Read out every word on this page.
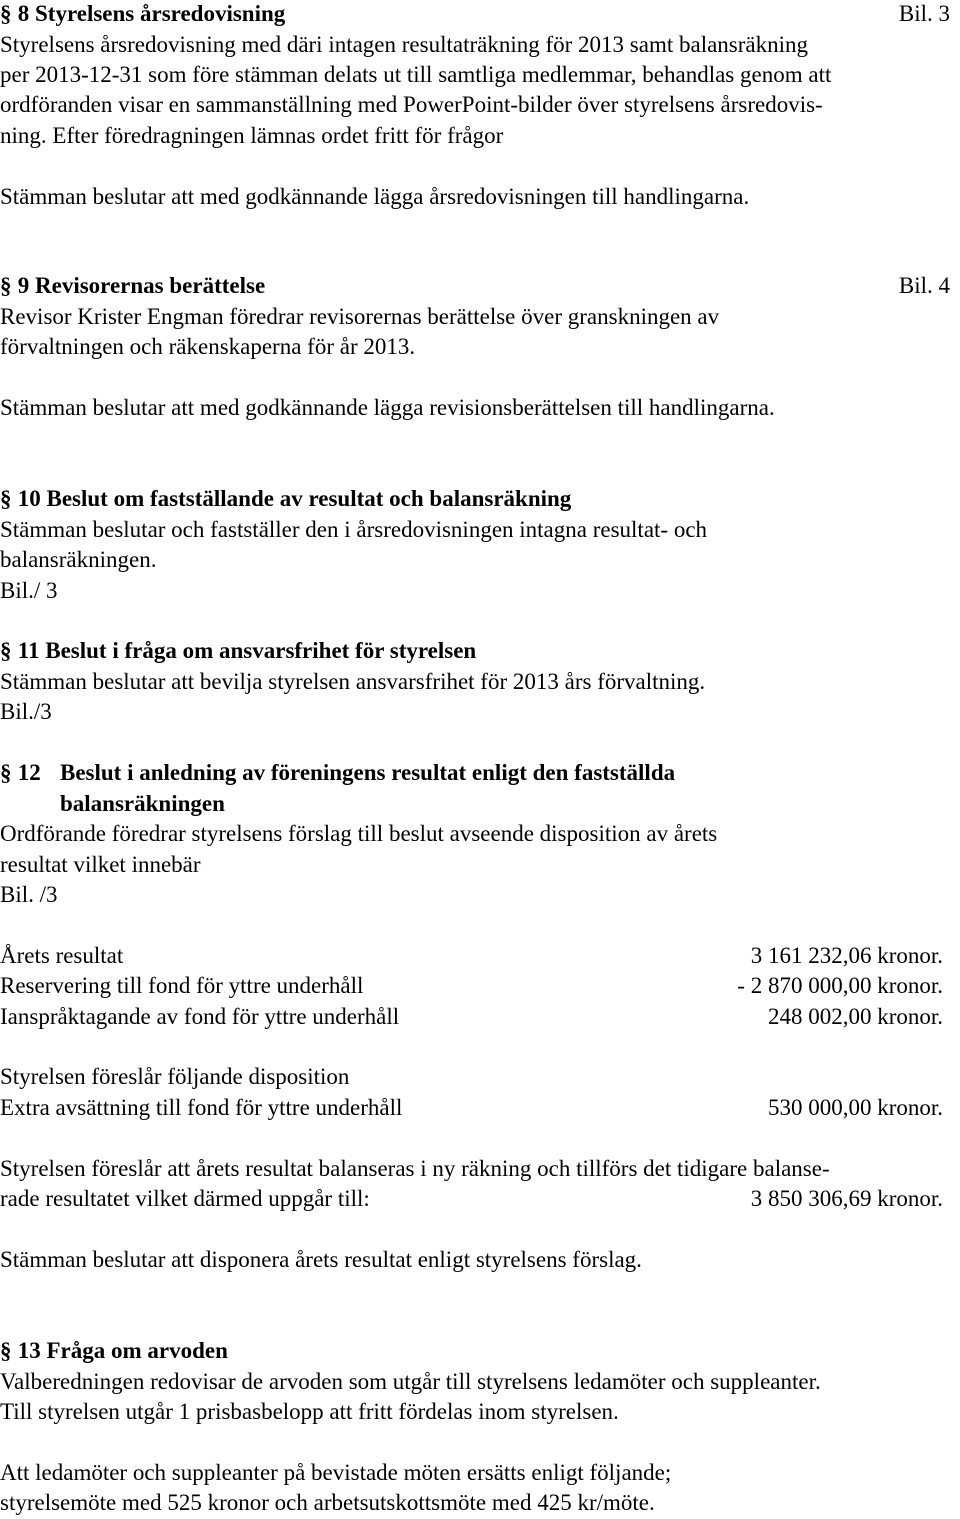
§ 8 Styrelsens årsredovisning	Bil. 3
Styrelsens årsredovisning med däri intagen resultaträkning för 2013 samt balansräkning
per 2013-12-31 som före stämman delats ut till samtliga medlemmar, behandlas genom att
ordföranden visar en sammanställning med PowerPoint-bilder över styrelsens årsredovis-
ning. Efter föredragningen lämnas ordet fritt för frågor
Stämman beslutar att med godkännande lägga årsredovisningen till handlingarna.
§ 9 Revisorernas berättelse	Bil. 4
Revisor Krister Engman föredrar revisorernas berättelse över granskningen av
förvaltningen och räkenskaperna för år 2013.
Stämman beslutar att med godkännande lägga revisionsberättelsen till handlingarna.
§ 10 Beslut om fastställande av resultat och balansräkning
Stämman beslutar och fastställer den i årsredovisningen intagna resultat- och
balansräkningen.
Bil./ 3
§ 11 Beslut i fråga om ansvarsfrihet för styrelsen
Stämman beslutar att bevilja styrelsen ansvarsfrihet för 2013 års förvaltning.
Bil./3
§ 12 Beslut i anledning av föreningens resultat enligt den fastställda
balansräkningen
Ordförande föredrar styrelsens förslag till beslut avseende disposition av årets
resultat vilket innebär
Bil. /3
Årets resultat	3 161 232,06 kronor.
Reservering till fond för yttre underhåll	- 2 870 000,00 kronor.
Ianspråktagande av fond för yttre underhåll	248 002,00 kronor.
Styrelsen föreslår följande disposition
Extra avsättning till fond för yttre underhåll	530 000,00 kronor.
Styrelsen föreslår att årets resultat balanseras i ny räkning och tillförs det tidigare balanse-
rade resultatet vilket därmed uppgår till:	3 850 306,69 kronor.
Stämman beslutar att disponera årets resultat enligt styrelsens förslag.
§ 13 Fråga om arvoden
Valberedningen redovisar de arvoden som utgår till styrelsens ledamöter och suppleanter.
Till styrelsen utgår 1 prisbasbelopp att fritt fördelas inom styrelsen.
Att ledamöter och suppleanter på bevistade möten ersätts enligt följande;
styrelsemöte med 525 kronor och arbetsutskottsmöte med 425 kr/möte.
